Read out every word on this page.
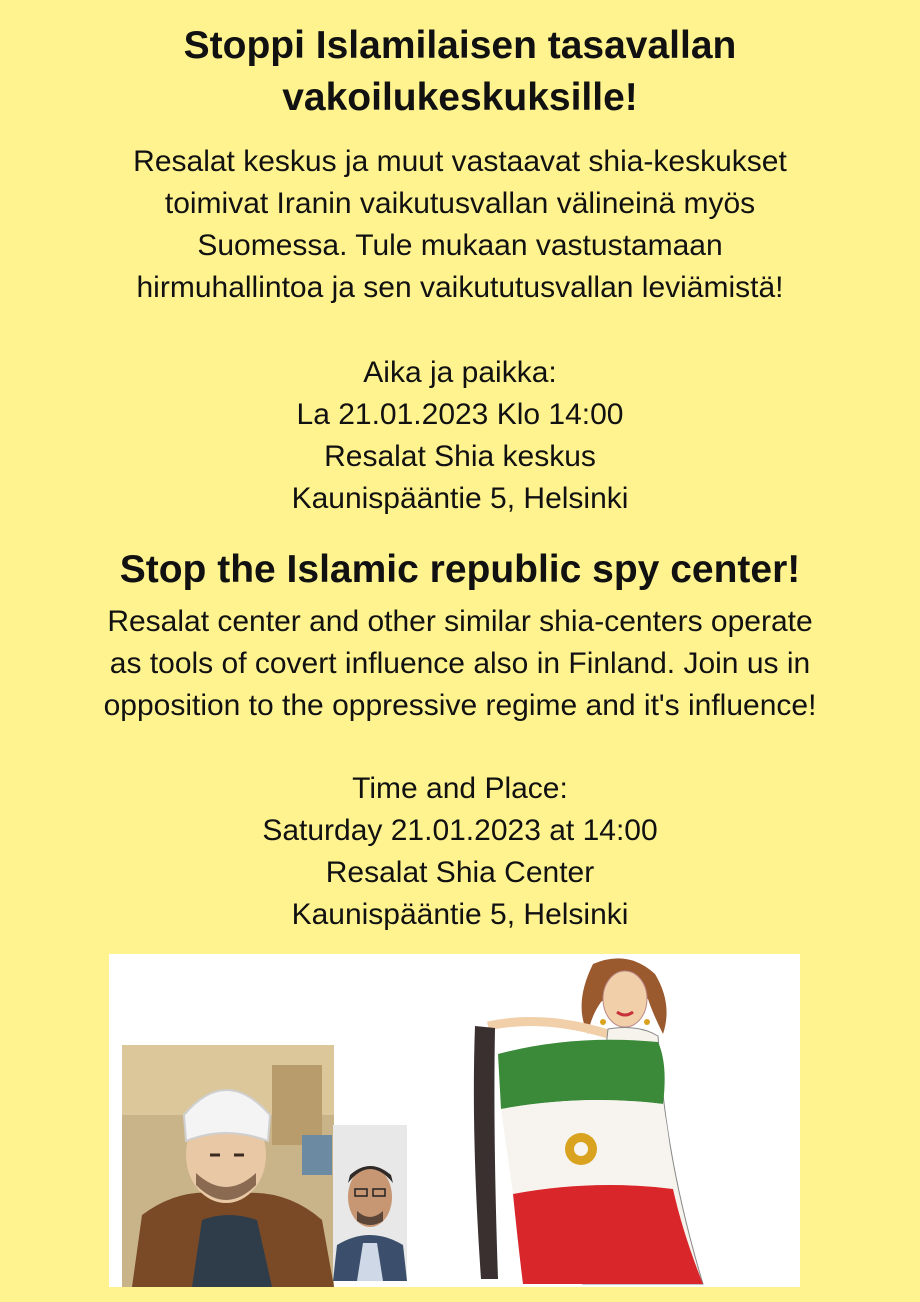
Stoppi Islamilaisen tasavallan
vakoilukeskuksille!
Resalat keskus ja muut vastaavat shia-keskukset
toimivat Iranin vaikutusvallan välineinä myös
Suomessa. Tule mukaan vastustamaan
hirmuhallintoa ja sen vaikututusvallan leviämistä!
Aika ja paikka:
La 21.01.2023 Klo 14:00
Resalat Shia keskus
Kaunispääntie 5, Helsinki
Stop the Islamic republic spy center!
Resalat center and other similar shia-centers operate
as tools of covert influence also in Finland. Join us in
opposition to the oppressive regime and it's influence!
Time and Place:
Saturday 21.01.2023 at 14:00
Resalat Shia Center
Kaunispääntie 5, Helsinki
